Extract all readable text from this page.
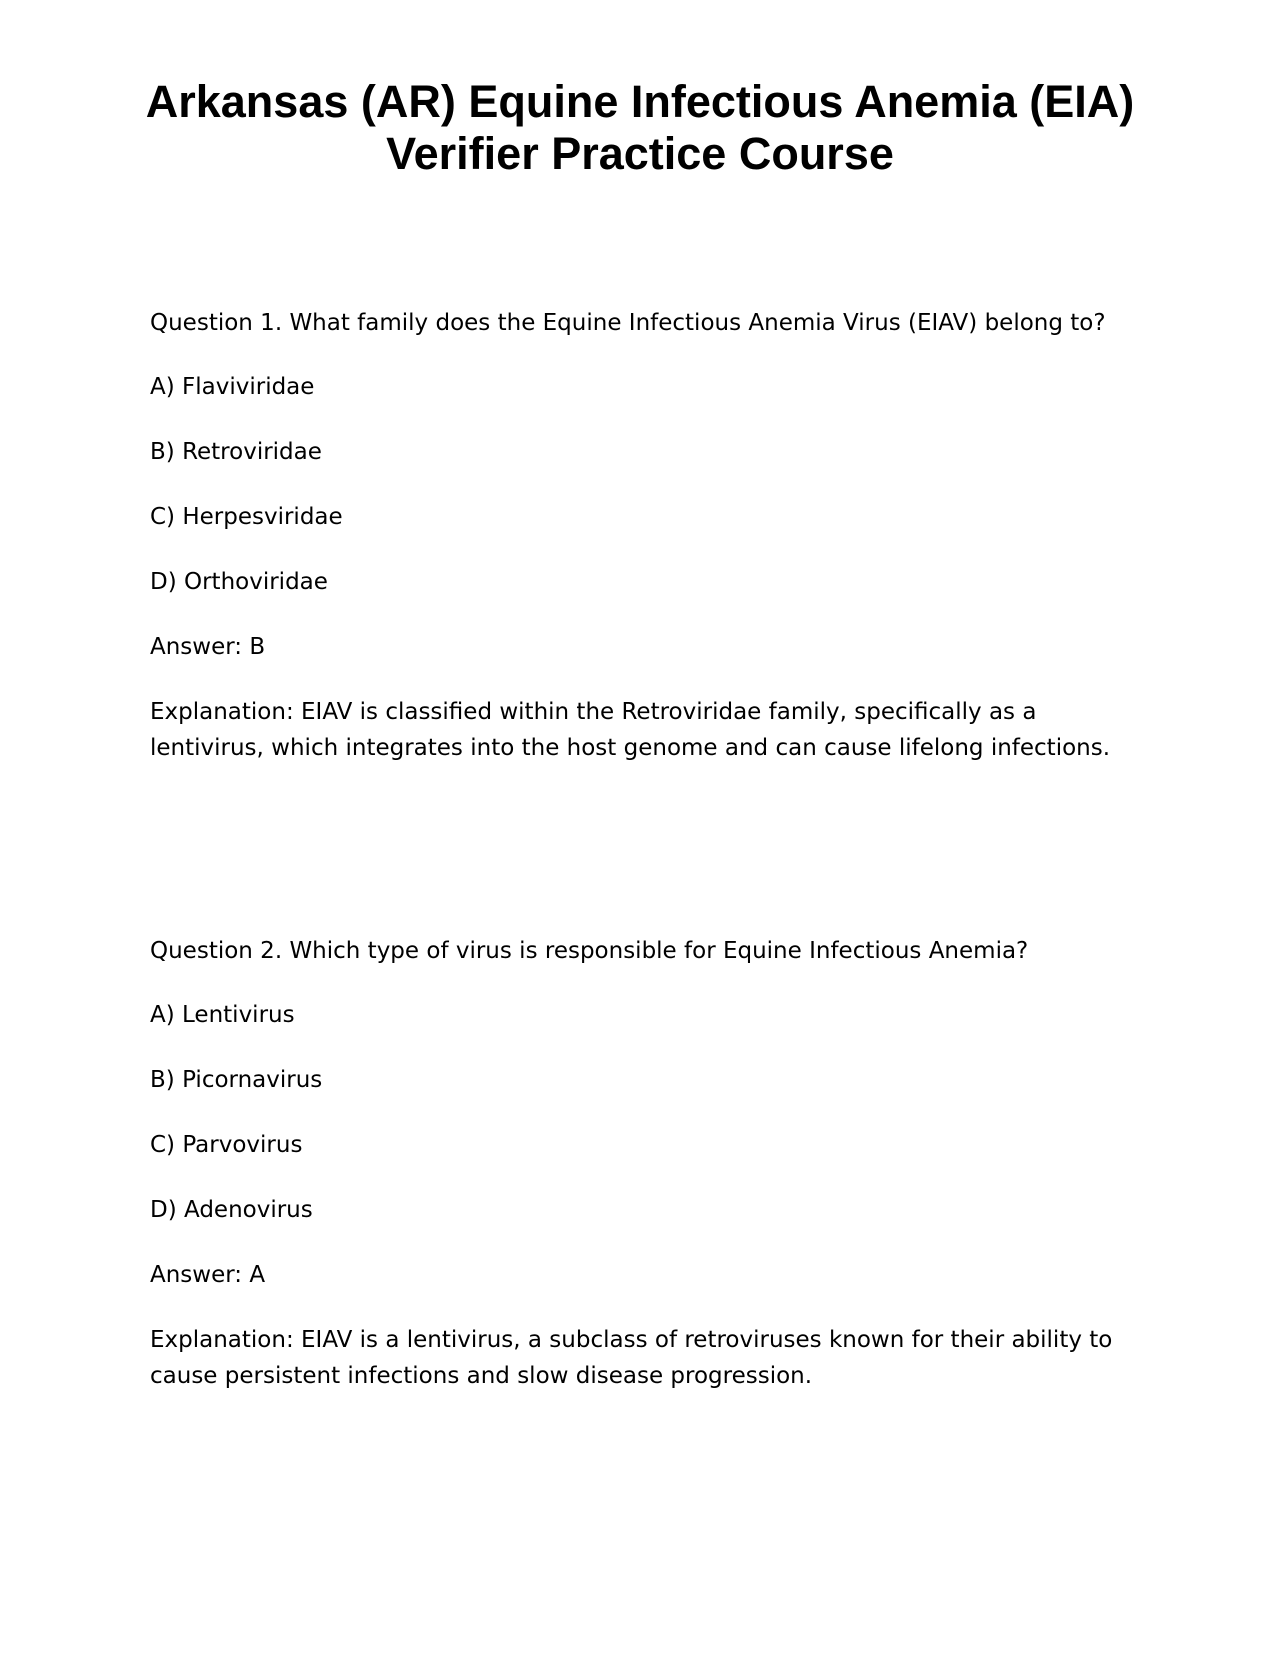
Arkansas (AR) Equine Infectious Anemia (EIA) Verifier Practice Course

Question 1. What family does the Equine Infectious Anemia Virus (EIAV) belong to?

A) Flaviviridae

B) Retroviridae

C) Herpesviridae

D) Orthoviridae

Answer: B

Explanation: EIAV is classified within the Retroviridae family, specifically as a lentivirus, which integrates into the host genome and can cause lifelong infections.

Question 2. Which type of virus is responsible for Equine Infectious Anemia?

A) Lentivirus

B) Picornavirus

C) Parvovirus

D) Adenovirus

Answer: A

Explanation: EIAV is a lentivirus, a subclass of retroviruses known for their ability to cause persistent infections and slow disease progression.
